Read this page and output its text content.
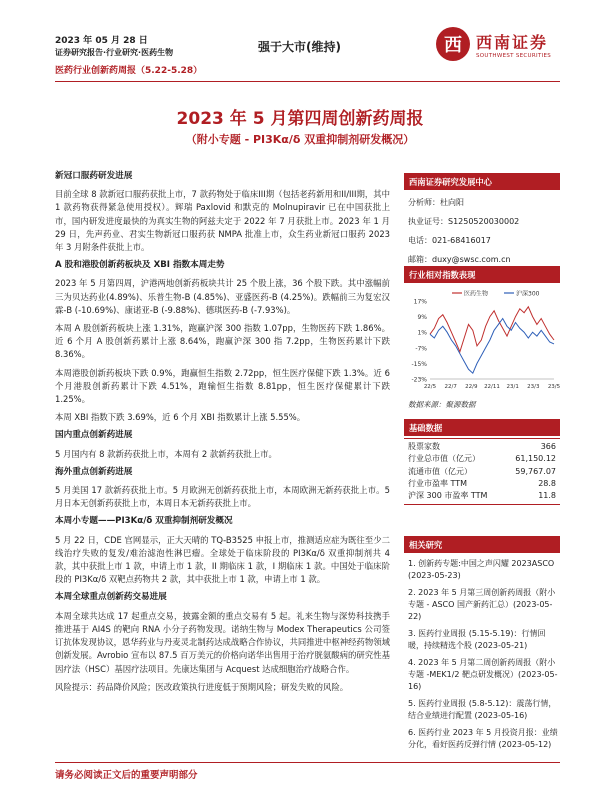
2023 年 05 月 28 日
证券研究报告·行业研究·医药生物
医药行业创新药周报（5.22-5.28）
强于大市(维持)	西 西南证券
SOUTHWEST SECURITIES
2023 年 5 月第四周创新药周报
（附小专题 - PI3Kα/δ 双重抑制剂研发概况）
新冠口服药研发进展
目前全球 8 款新冠口服药获批上市，7 款药物处于临床III期（包括老药新用和II/III期，其中 1 款药物获得紧急使用授权）。辉瑞 Paxlovid 和默克的 Molnupiravir 已在中国获批上市，国内研发进度最快的为真实生物的阿兹夫定于 2022 年 7 月获批上市。2023 年 1 月 29 日，先声药业、君实生物新冠口服药获 NMPA 批准上市，众生药业新冠口服药 2023 年 3 月附条件获批上市。
A 股和港股创新药板块及 XBI 指数本周走势
2023 年 5 月第四周，沪港两地创新药板块共计 25 个股上涨，36 个股下跌。其中涨幅前三为贝达药业(4.89%)、乐普生物-B (4.85%)、亚盛医药-B (4.25%)。跌幅前三为复宏汉霖-B (-10.69%)、康诺亚-B (-9.88%)、德琪医药-B (-7.93%)。
本周 A 股创新药板块上涨 1.31%，跑赢沪深 300 指数 1.07pp，生物医药下跌 1.86%。近 6 个月 A 股创新药累计上涨 8.64%，跑赢沪深 300 指 7.2pp，生物医药累计下跌 8.36%。
本周港股创新药板块下跌 0.9%，跑赢恒生指数 2.72pp，恒生医疗保健下跌 1.3%。近 6 个月港股创新药累计下跌 4.51%，跑输恒生指数 8.81pp，恒生医疗保健累计下跌 1.25%。
本周 XBI 指数下跌 3.69%，近 6 个月 XBI 指数累计上涨 5.55%。
国内重点创新药进展
5 月国内有 8 款新药获批上市，本周有 2 款新药获批上市。
海外重点创新药进展
5 月美国 17 款新药获批上市。5 月欧洲无创新药获批上市，本周欧洲无新药获批上市。5 月日本无创新药获批上市，本周日本无新药获批上市。
本周小专题——PI3Kα/δ 双重抑制剂研发概况
5 月 22 日，CDE 官网显示，正大天晴的 TQ-B3525 申报上市，推测适应症为既往至少二线治疗失败的复发/难治滤泡性淋巴瘤。全球处于临床阶段的 PI3Kα/δ 双重抑制剂共 4 款，其中获批上市 1 款，申请上市 1 款，II 期临床 1 款，I 期临床 1 款。中国处于临床阶段的 PI3Kα/δ 双靶点药物共 2 款，其中获批上市 1 款，申请上市 1 款。
本周全球重点创新药交易进展
本周全球共达成 17 起重点交易，披露金额的重点交易有 5 起。礼来生物与深势科技携手推进基于 AI4S 的靶向 RNA 小分子药物发现。诺纳生物与 Modex Therapeutics 公司签订抗体发现协议，恩华药业与丹麦灵北制药达成战略合作协议，共同推进中枢神经药物领域创新发展。Avrobio 宣布以 87.5 百万美元的价格向诺华出售用于治疗胱氨酸病的研究性基因疗法（HSC）基因疗法项目。先康达集团与 Acquest 达成细胞治疗战略合作。
风险提示：药品降价风险；医改政策执行进度低于预期风险；研发失败的风险。
西南证券研究发展中心
分析师：杜向阳
执业证号：S1250520030002
电话：021-68416017
邮箱：duxy@swsc.com.cn
行业相对指数表现
17%
9%
1%
-7%
-15%
-23%
22/5 22/7 22/9 22/11 23/1 23/3 23/5
医药生物	沪深300
数据来源：聚源数据
基础数据
股票家数	366
行业总市值（亿元）	61,150.12
流通市值（亿元）	59,767.07
行业市盈率 TTM	28.8
沪深 300 市盈率 TTM	11.8
相关研究
1. 创新药专题:中国之声闪耀 2023ASCO (2023-05-23)
2. 2023 年 5 月第三周创新药周报（附小专题 - ASCO 国产新药汇总）(2023-05-22)
3. 医药行业周报 (5.15-5.19)：行情回暖，持续精选个股 (2023-05-21)
4. 2023 年 5 月第二周创新药周报（附小专题 -MEK1/2 靶点研发概况）(2023-05-16)
5. 医药行业周报 (5.8-5.12)：震荡行情，结合业绩进行配置 (2023-05-16)
6. 医药行业 2023 年 5 月投资月报：业绩分化，看好医药反弹行情 (2023-05-12)
请务必阅读正文后的重要声明部分
